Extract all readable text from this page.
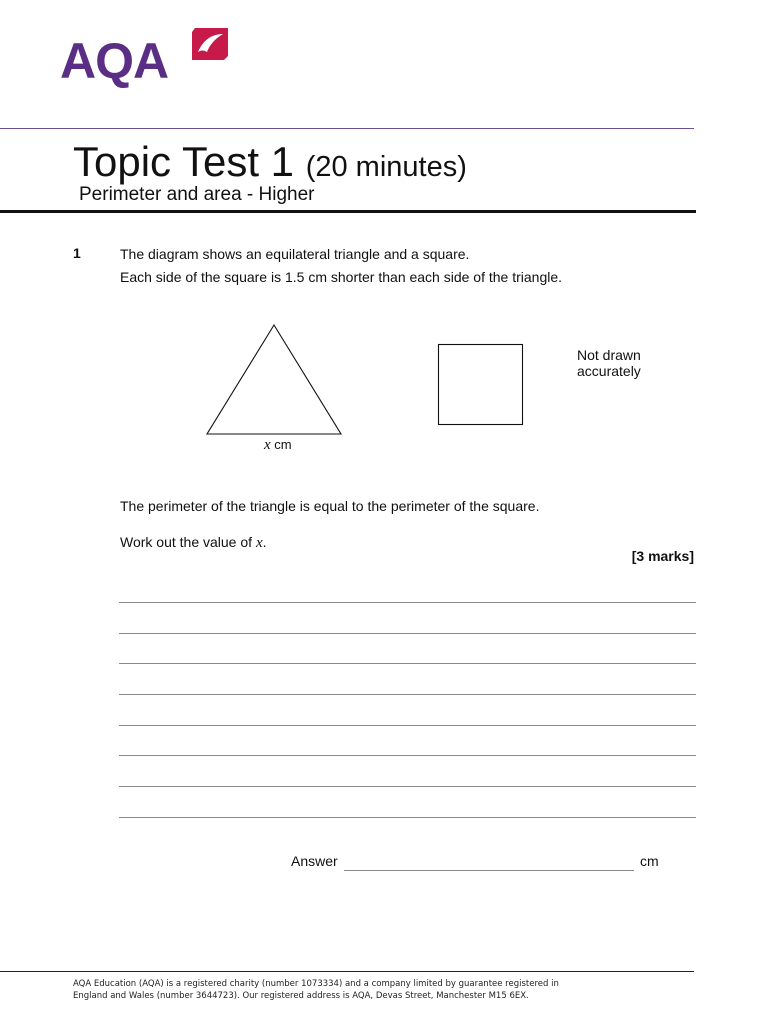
AQA
Topic Test 1 (20 minutes)
Perimeter and area - Higher
1	The diagram shows an equilateral triangle and a square.
Each side of the square is 1.5 cm shorter than each side of the triangle.
x cm
Not drawn
accurately
The perimeter of the triangle is equal to the perimeter of the square.
Work out the value of x.
[3 marks]
Answer	cm
AQA Education (AQA) is a registered charity (number 1073334) and a company limited by guarantee registered in
England and Wales (number 3644723). Our registered address is AQA, Devas Street, Manchester M15 6EX.
